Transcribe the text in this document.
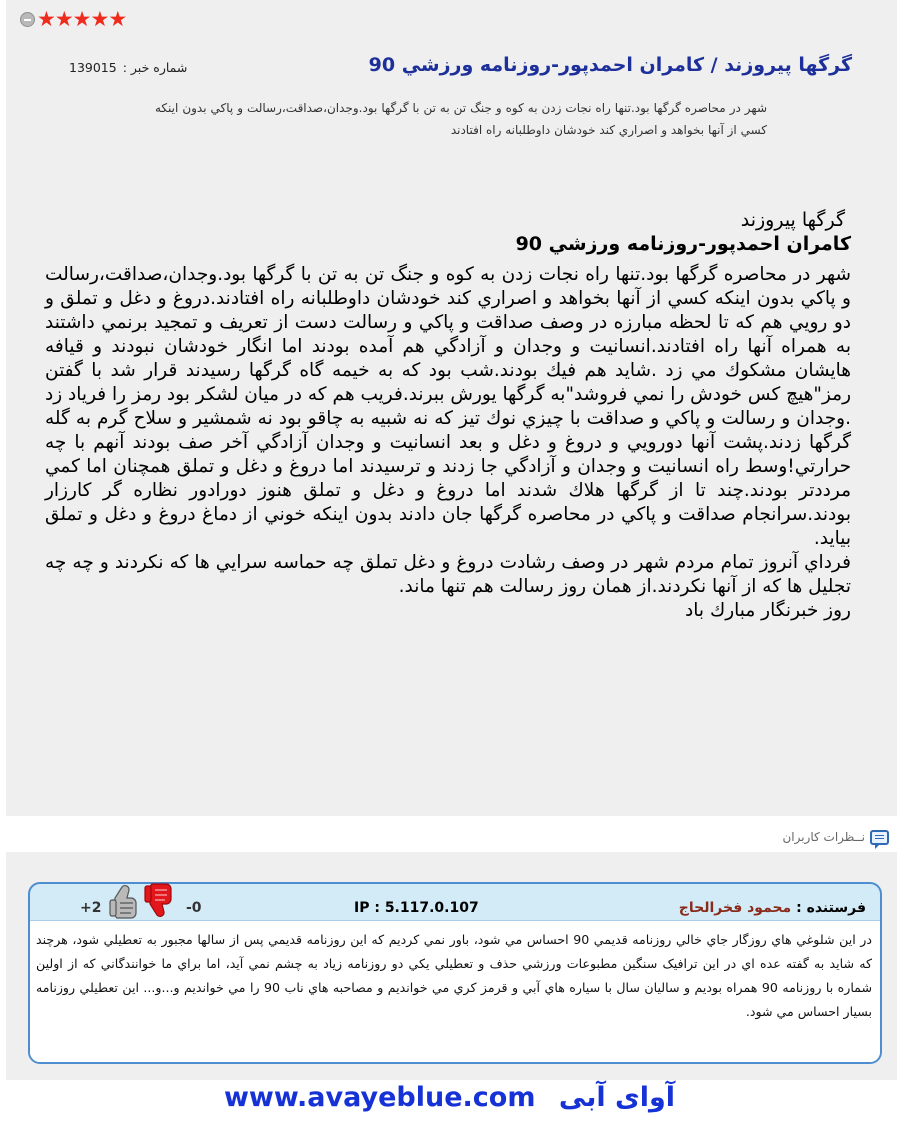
★ ★ ★ ★ ★
شماره خبر :139015	گرگها پيروزند / كامران احمدپور-روزنامه ورزشي 90
شهر در محاصره گرگها بود.تنها راه نجات زدن به كوه و جنگ تن به تن با گرگها بود.وجدان،صداقت،رسالت و پاكي بدون اينكه كسي از آنها بخواهد و اصراري كند خودشان داوطلبانه راه افتادند
گرگها پيروزند
كامران احمدپور-روزنامه ورزشي 90

شهر در محاصره گرگها بود.تنها راه نجات زدن به كوه و جنگ تن به تن با گرگها بود.وجدان،صداقت،رسالت و پاكي بدون اينكه كسي از آنها بخواهد و اصراري كند خودشان داوطلبانه راه افتادند.دروغ و دغل و تملق و دو رويي هم كه تا لحظه مبارزه در وصف صداقت و پاكي و رسالت دست از تعريف و تمجيد برنمي داشتند به همراه آنها راه افتادند.انسانيت و وجدان و آزادگي هم آمده بودند اما انگار خودشان نبودند و قيافه هايشان مشكوك مي زد .شايد هم فيك بودند.شب بود كه به خيمه گاه گرگها رسيدند قرار شد با گفتن رمز"هيچ كس خودش را نمي فروشد"به گرگها يورش ببرند.فريب هم كه در ميان لشكر بود رمز را فرياد زد .وجدان و رسالت و پاكي و صداقت با چيزي نوك تيز كه نه شبيه به چاقو بود نه شمشير و سلاح گرم به گله گرگها زدند.پشت آنها دورويي و دروغ و دغل و بعد انسانيت و وجدان آزادگي آخر صف بودند آنهم با چه حرارتي!وسط راه انسانيت و وجدان و آزادگي جا زدند و ترسيدند اما دروغ و دغل و تملق همچنان اما كمي مرددتر بودند.چند تا از گرگها هلاك شدند اما دروغ و دغل و تملق هنوز دورادور نظاره گر كارزار بودند.سرانجام صداقت و پاكي در محاصره گرگها جان دادند بدون اينكه خوني از دماغ دروغ و دغل و تملق بيايد.

فرداي آنروز تمام مردم شهر در وصف رشادت دروغ و دغل تملق چه حماسه سرايي ها كه نكردند و چه چه تجليل ها كه از آنها نكردند.از همان روز رسالت هم تنها ماند.

روز خبرنگار مبارك باد

نــظرات كاربران
فرستنده : محمود فخرالحاج
IP : 5.117.0.107
-0
+2
در اين شلوغي هاي روزگار جاي خالي روزنامه قديمي 90 احساس مي شود، باور نمي كرديم كه اين روزنامه قديمي پس از سالها مجبور به تعطيلي شود، هرچند كه شايد به گفته عده اي در اين ترافيک سنگين مطبوعات ورزشي حذف و تعطيلي يكي دو روزنامه زياد به چشم نمي آيد، اما براي ما خوانندگاني كه از اولين شماره با روزنامه 90 همراه بوديم و ساليان سال با سياره هاي آبي و قرمز كري مي خوانديم و مصاحبه هاي ناب 90 را مي خوانديم و...و... اين تعطيلي روزنامه بسيار احساس مي شود.
www.avayeblue.com آوای آبی
